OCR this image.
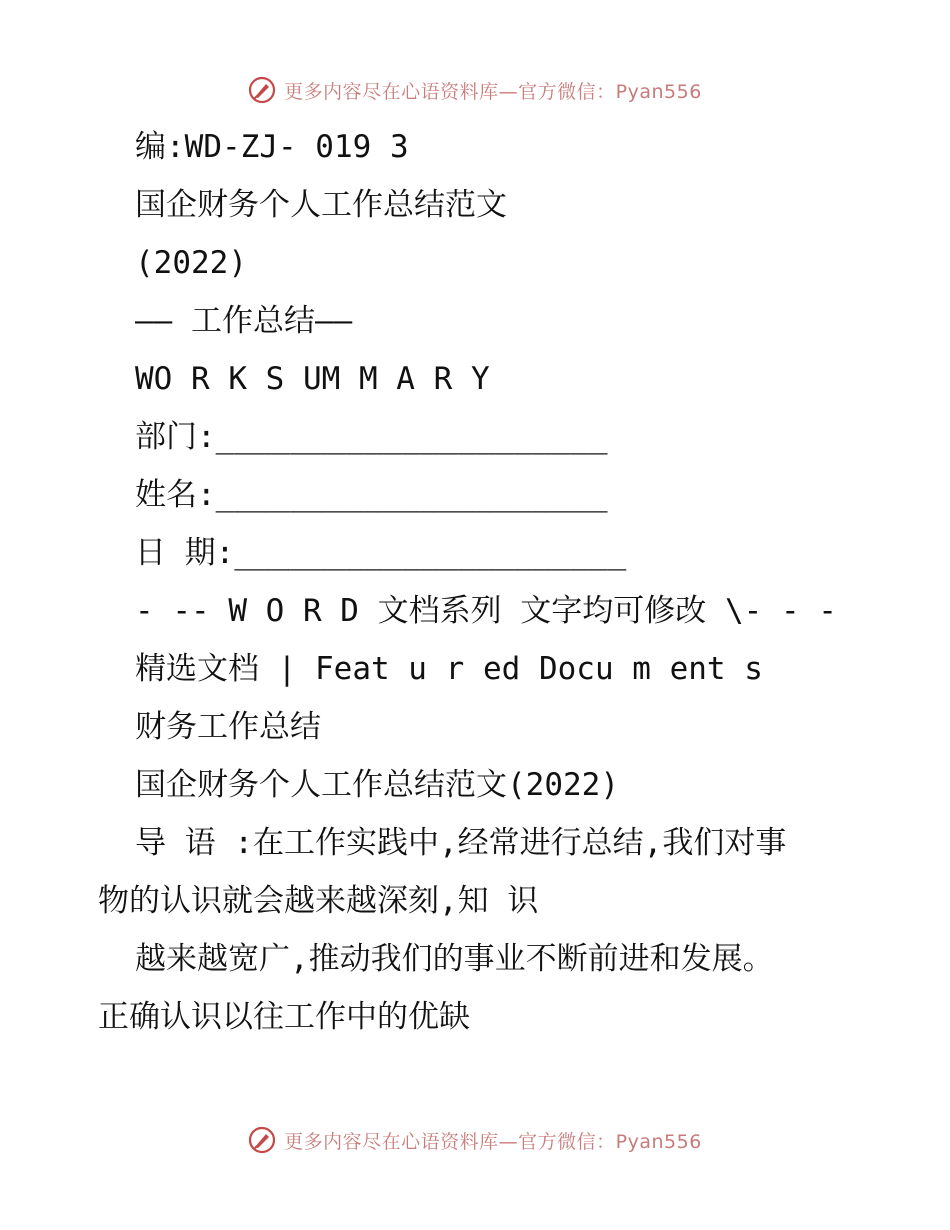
更多内容尽在心语资料库—官方微信：Pyan556
编:WD-ZJ- 019 3
国企财务个人工作总结范文
(2022)
—— 工作总结——
WO R K S UM M A R Y
部门:_____________________
姓名:_____________________
日 期:_____________________
- -- W O R D 文档系列 文字均可修改 \- - -
精选文档 | Feat u r ed Docu m ent s
财务工作总结
国企财务个人工作总结范文(2022)
导 语 :在工作实践中,经常进行总结,我们对事
物的认识就会越来越深刻,知 识
越来越宽广,推动我们的事业不断前进和发展。
正确认识以往工作中的优缺
更多内容尽在心语资料库—官方微信：Pyan556
